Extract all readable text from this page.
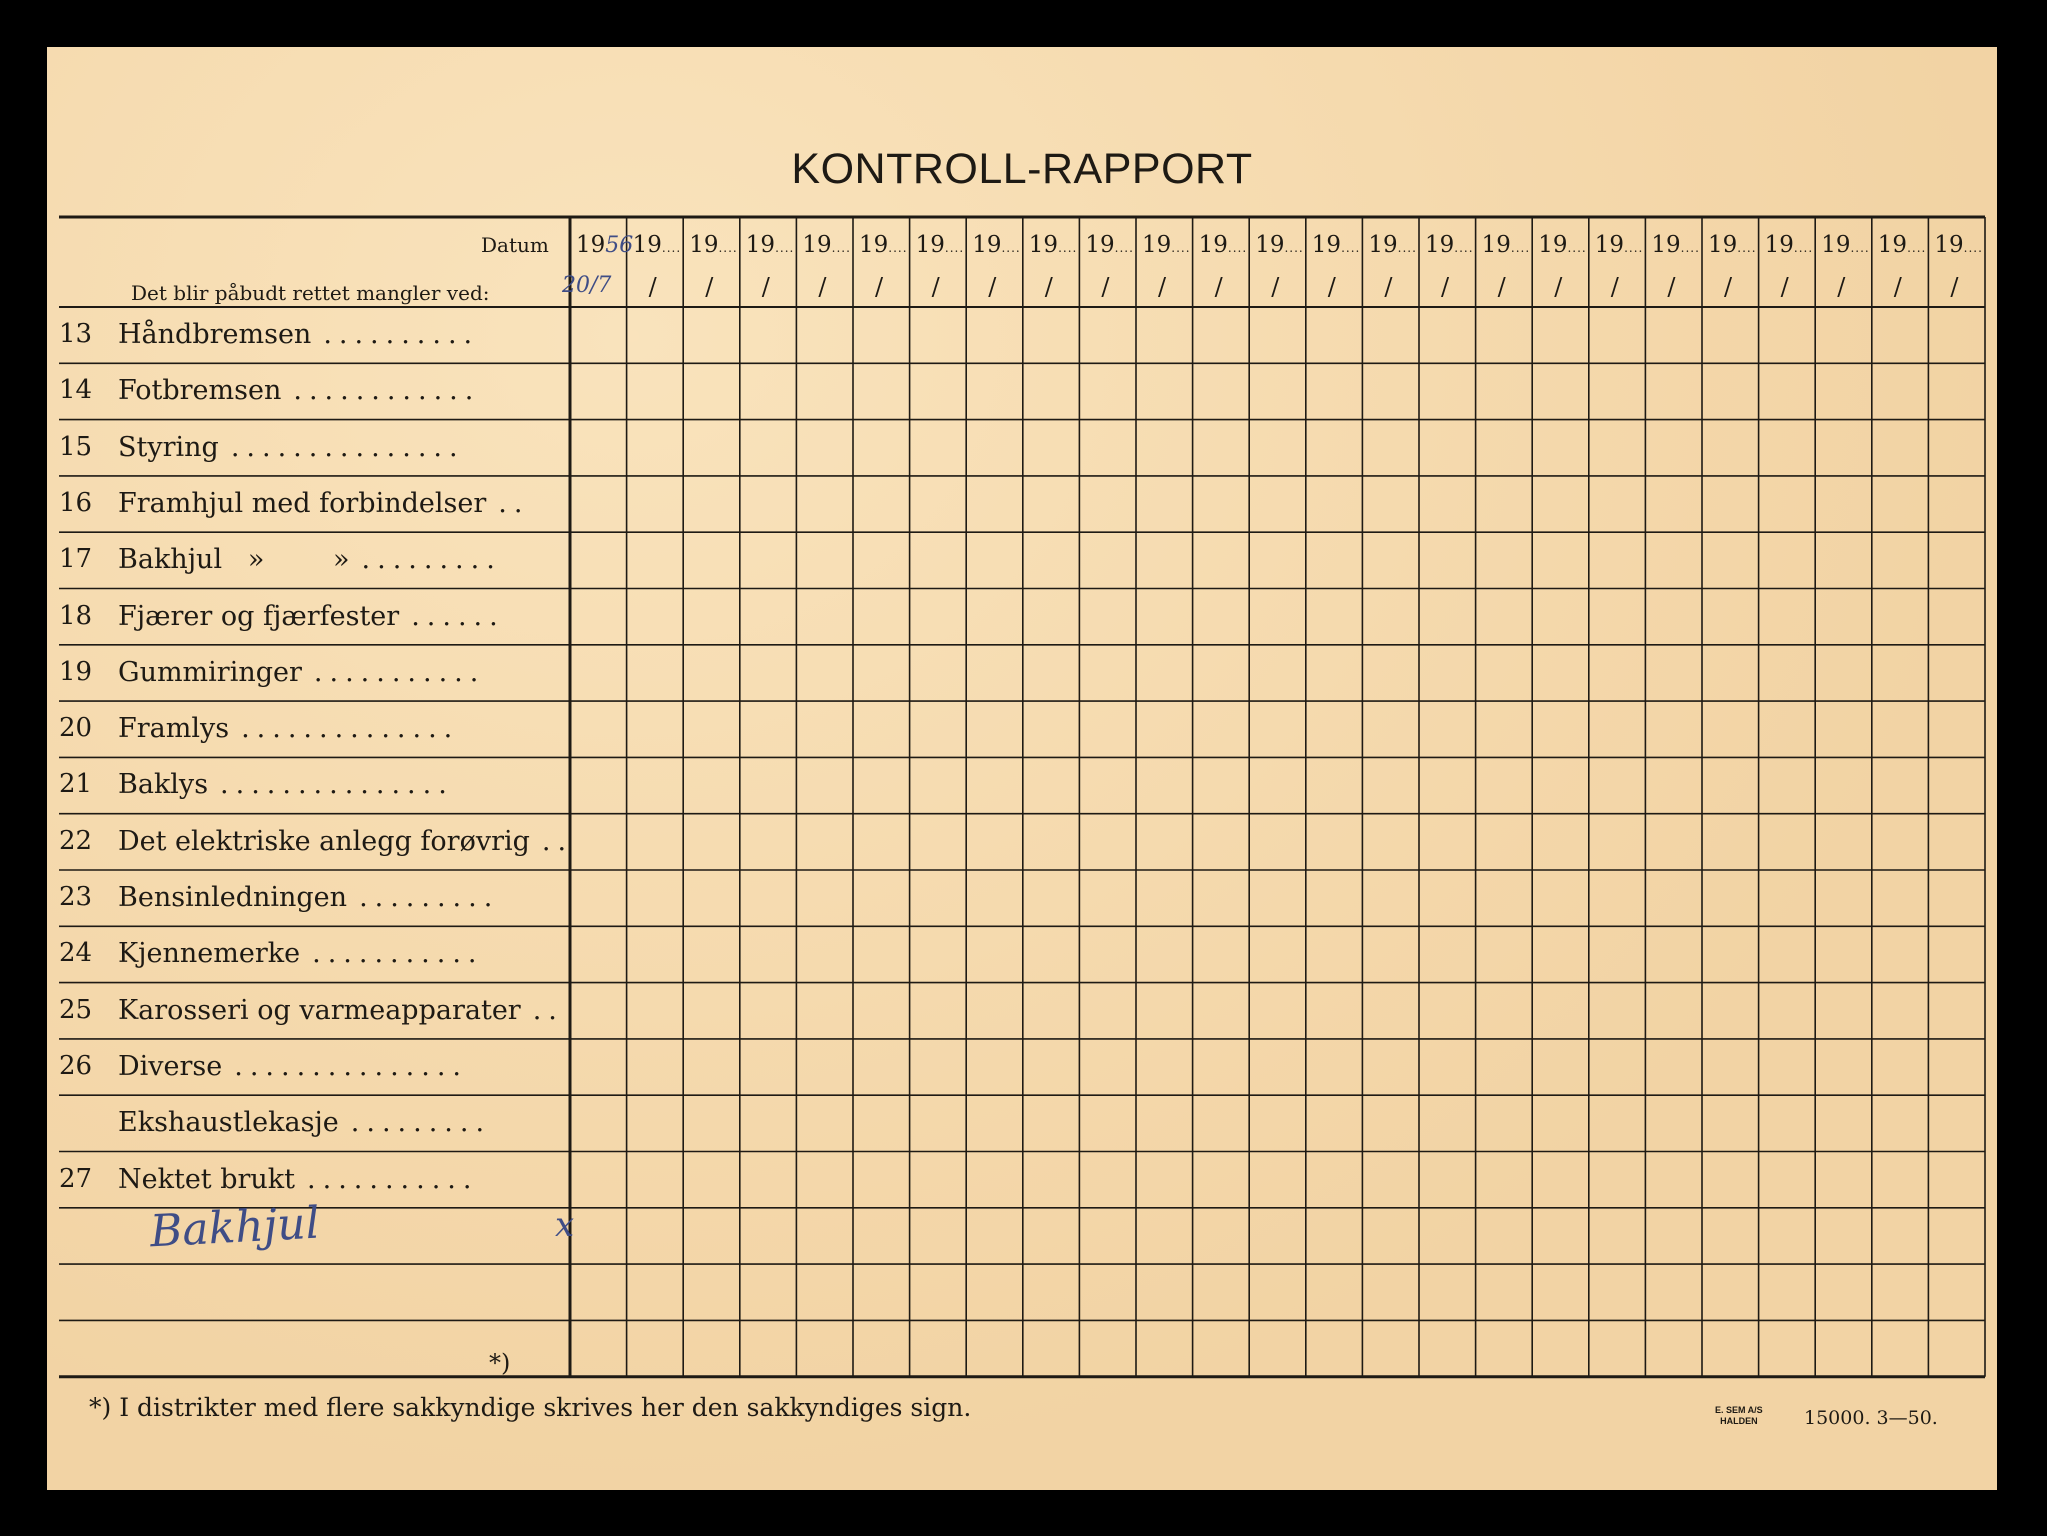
KONTROLL-RAPPORT
Datum
Det blir påbudt rettet mangler ved:
1956
20/7
19....
/
19....
/
19....
/
19....
/
19....
/
19....
/
19....
/
19....
/
19....
/
19....
/
19....
/
19....
/
19....
/
19....
/
19....
/
19....
/
19....
/
19....
/
19....
/
19....
/
19....
/
19....
/
19....
/
19....
/
13 Håndbremsen
14 Fotbremsen
15 Styring
16 Framhjul med forbindelser
17 Bakhjul   »        »
18 Fjærer og fjærfester
19 Gummiringer
20 Framlys
21 Baklys
22 Det elektriske anlegg forøvrig
23 Bensinledningen
24 Kjennemerke
25 Karosseri og varmeapparater
26 Diverse
Ekshaustlekasje
27 Nektet brukt
..........
............
...............
..
.........
......
...........
..............
...............
..
.........
...........
..
...............
.........
...........
Bakhjul	x
*)
*) I distrikter med flere sakkyndige skrives her den sakkyndiges sign.	E. SEM A/S
HALDEN 15000. 3—50.
